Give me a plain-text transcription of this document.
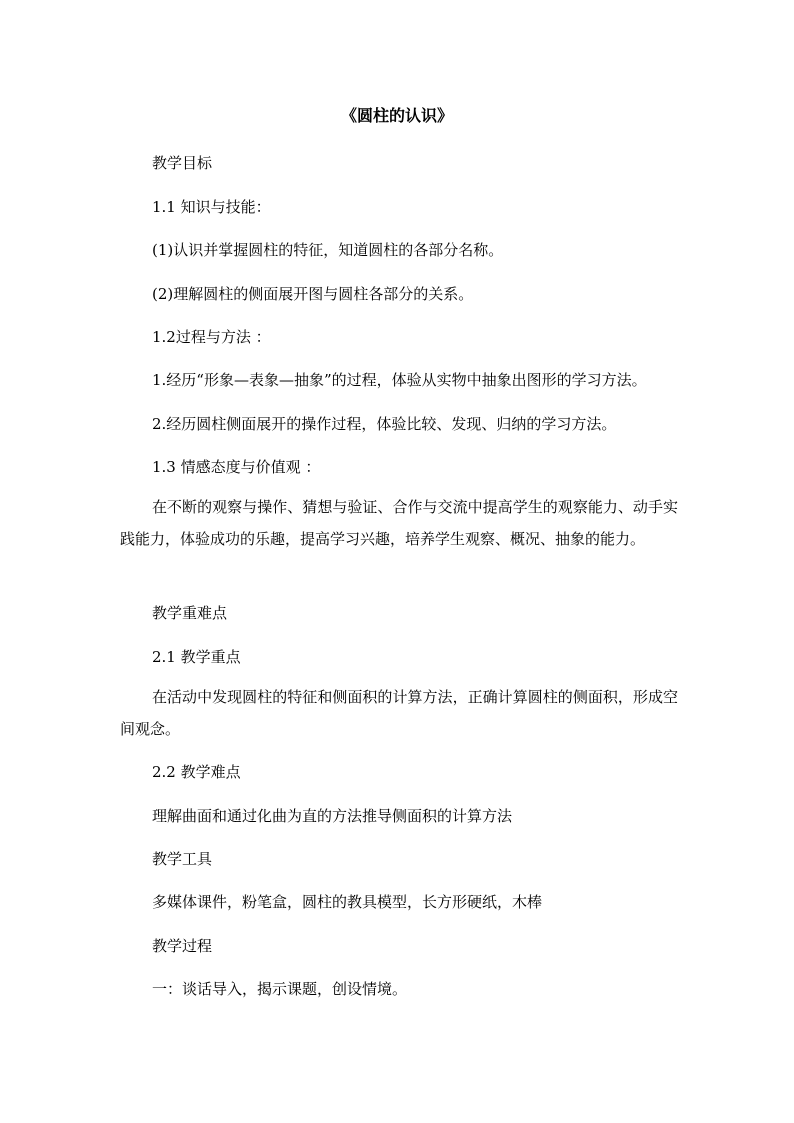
《圆柱的认识》
教学目标
1.1 知识与技能：
(1)认识并掌握圆柱的特征，知道圆柱的各部分名称。
(2)理解圆柱的侧面展开图与圆柱各部分的关系。
1.2过程与方法 ：
1.经历“形象—表象—抽象”的过程，体验从实物中抽象出图形的学习方法。
2.经历圆柱侧面展开的操作过程，体验比较、发现、归纳的学习方法。
1.3 情感态度与价值观 ：
在不断的观察与操作、猜想与验证、合作与交流中提高学生的观察能力、动手实践能力，体验成功的乐趣，提高学习兴趣，培养学生观察、概况、抽象的能力。
教学重难点
2.1 教学重点
在活动中发现圆柱的特征和侧面积的计算方法，正确计算圆柱的侧面积，形成空间观念。
2.2 教学难点
理解曲面和通过化曲为直的方法推导侧面积的计算方法
教学工具
多媒体课件，粉笔盒，圆柱的教具模型，长方形硬纸，木棒
教学过程
一：谈话导入，揭示课题，创设情境。
